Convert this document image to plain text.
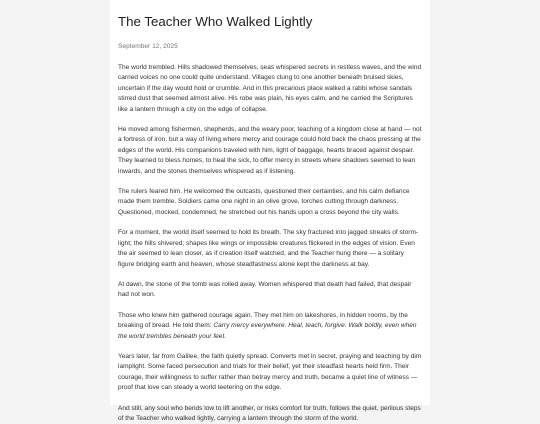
The Teacher Who Walked Lightly
September 12, 2025

The world trembled. Hills shadowed themselves, seas whispered secrets in restless waves, and the wind carried voices no one could quite understand. Villages clung to one another beneath bruised skies, uncertain if the day would hold or crumble. And in this precarious place walked a rabbi whose sandals stirred dust that seemed almost alive. His robe was plain, his eyes calm, and he carried the Scriptures like a lantern through a city on the edge of collapse.

He moved among fishermen, shepherds, and the weary poor, teaching of a kingdom close at hand — not a fortress of iron, but a way of living where mercy and courage could hold back the chaos pressing at the edges of the world. His companions traveled with him, light of baggage, hearts braced against despair. They learned to bless homes, to heal the sick, to offer mercy in streets where shadows seemed to lean inwards, and the stones themselves whispered as if listening.

The rulers feared him. He welcomed the outcasts, questioned their certainties, and his calm defiance made them tremble. Soldiers came one night in an olive grove, torches cutting through darkness. Questioned, mocked, condemned, he stretched out his hands upon a cross beyond the city walls.

For a moment, the world itself seemed to hold its breath. The sky fractured into jagged streaks of storm-light; the hills shivered; shapes like wings or impossible creatures flickered in the edges of vision. Even the air seemed to lean closer, as if creation itself watched, and the Teacher hung there — a solitary figure bridging earth and heaven, whose steadfastness alone kept the darkness at bay.

At dawn, the stone of the tomb was rolled away. Women whispered that death had failed, that despair had not won.

Those who knew him gathered courage again. They met him on lakeshores, in hidden rooms, by the breaking of bread. He told them: Carry mercy everywhere. Heal, teach, forgive. Walk boldly, even when the world trembles beneath your feet.

Years later, far from Galilee, the faith quietly spread. Converts met in secret, praying and teaching by dim lamplight. Some faced persecution and trials for their belief, yet their steadfast hearts held firm. Their courage, their willingness to suffer rather than betray mercy and truth, became a quiet line of witness — proof that love can steady a world teetering on the edge.

And still, any soul who bends low to lift another, or risks comfort for truth, follows the quiet, perilous steps of the Teacher who walked lightly, carrying a lantern through the storm of the world.
